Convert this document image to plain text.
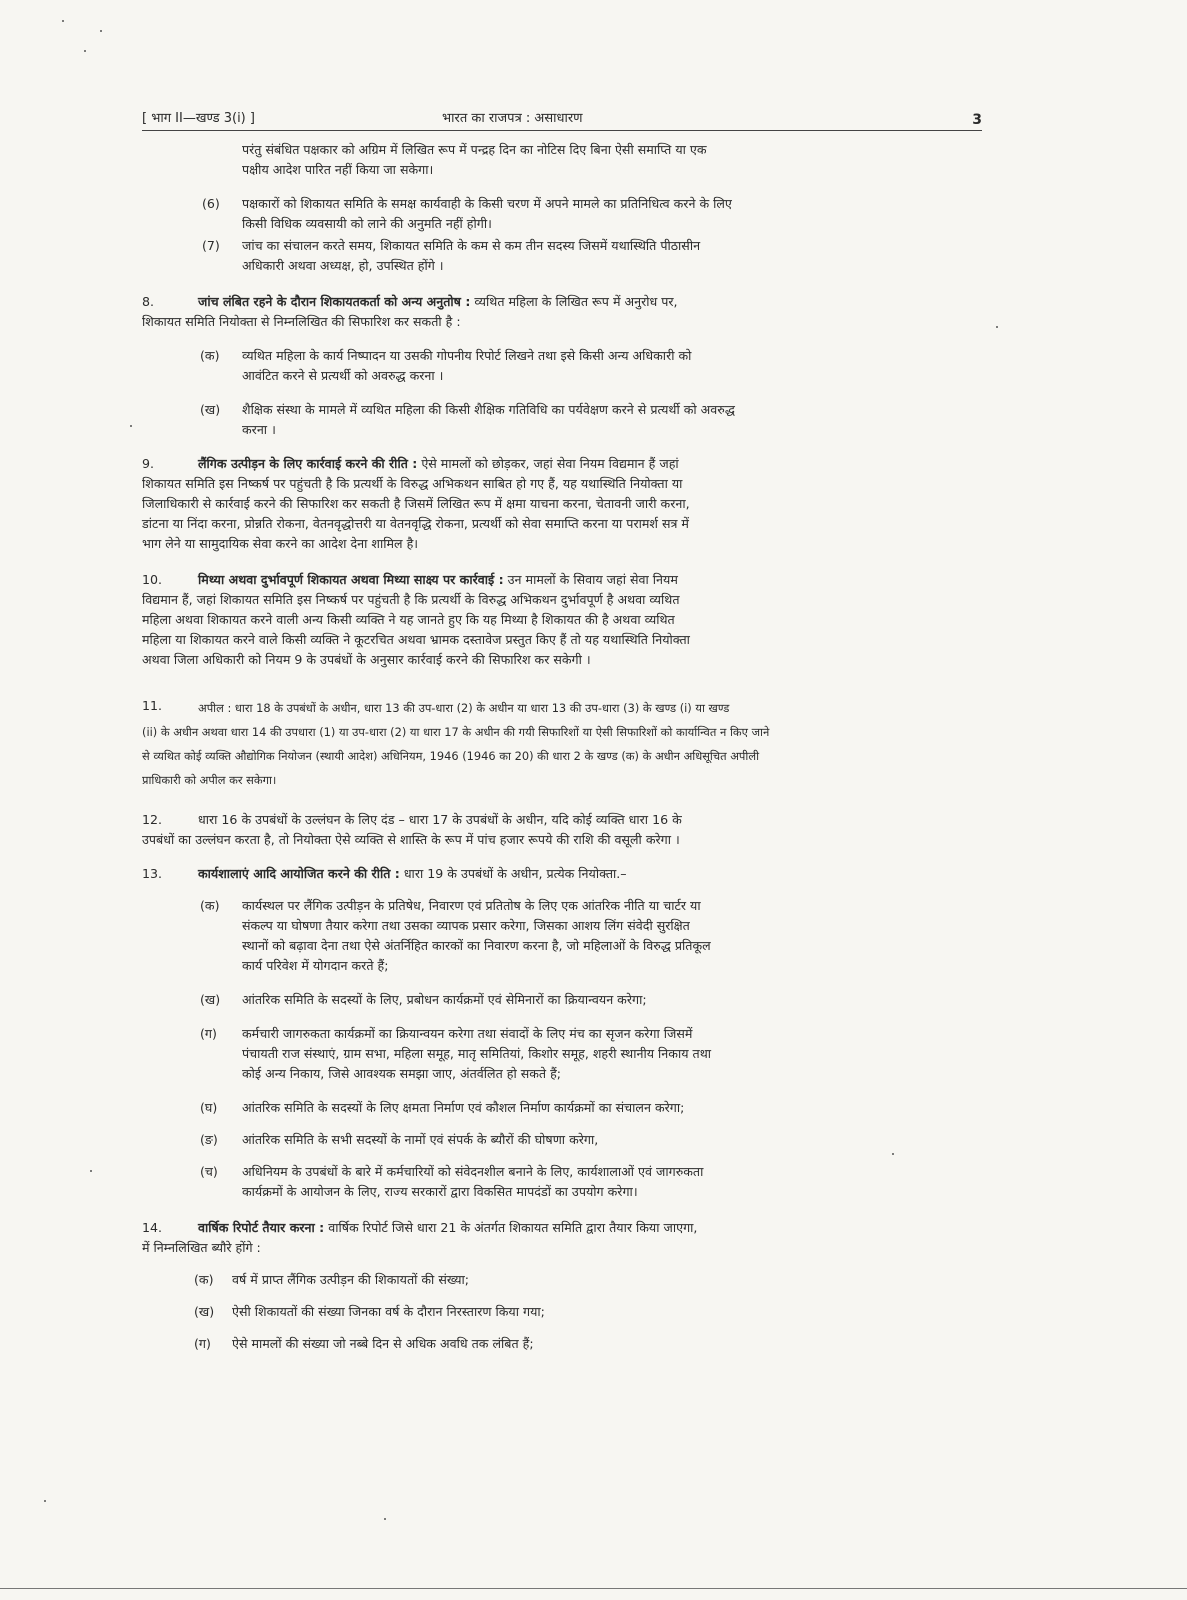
[ भाग II—खण्ड 3(i) ]	भारत का राजपत्र : असाधारण	3
परंतु संबंधित पक्षकार को अग्रिम में लिखित रूप में पन्द्रह दिन का नोटिस दिए बिना ऐसी समाप्ति या एक
पक्षीय आदेश पारित नहीं किया जा सकेगा।
(6) पक्षकारों को शिकायत समिति के समक्ष कार्यवाही के किसी चरण में अपने मामले का प्रतिनिधित्व करने के लिए
किसी विधिक व्यवसायी को लाने की अनुमति नहीं होगी।
(7) जांच का संचालन करते समय, शिकायत समिति के कम से कम तीन सदस्य जिसमें यथास्थिति पीठासीन
अधिकारी अथवा अध्यक्ष, हो, उपस्थित होंगे ।
8.	जांच लंबित रहने के दौरान शिकायतकर्ता को अन्य अनुतोष : व्यथित महिला के लिखित रूप में अनुरोध पर,
शिकायत समिति नियोक्ता से निम्नलिखित की सिफारिश कर सकती है :
(क) व्यथित महिला के कार्य निष्पादन या उसकी गोपनीय रिपोर्ट लिखने तथा इसे किसी अन्य अधिकारी को
आवंटित करने से प्रत्यर्थी को अवरुद्ध करना ।
(ख) शैक्षिक संस्था के मामले में व्यथित महिला की किसी शैक्षिक गतिविधि का पर्यवेक्षण करने से प्रत्यर्थी को अवरुद्ध
करना ।
9.	लैंगिक उत्पीड़न के लिए कार्रवाई करने की रीति : ऐसे मामलों को छोड़कर, जहां सेवा नियम विद्यमान हैं जहां
शिकायत समिति इस निष्कर्ष पर पहुंचती है कि प्रत्यर्थी के विरुद्ध अभिकथन साबित हो गए हैं, यह यथास्थिति नियोक्ता या
जिलाधिकारी से कार्रवाई करने की सिफारिश कर सकती है जिसमें लिखित रूप में क्षमा याचना करना, चेतावनी जारी करना,
डांटना या निंदा करना, प्रोन्नति रोकना, वेतनवृद्धोत्तरी या वेतनवृद्धि रोकना, प्रत्यर्थी को सेवा समाप्ति करना या परामर्श सत्र में
भाग लेने या सामुदायिक सेवा करने का आदेश देना शामिल है।
10.	मिथ्या अथवा दुर्भावपूर्ण शिकायत अथवा मिथ्या साक्ष्य पर कार्रवाई : उन मामलों के सिवाय जहां सेवा नियम
विद्यमान हैं, जहां शिकायत समिति इस निष्कर्ष पर पहुंचती है कि प्रत्यर्थी के विरुद्ध अभिकथन दुर्भावपूर्ण है अथवा व्यथित
महिला अथवा शिकायत करने वाली अन्य किसी व्यक्ति ने यह जानते हुए कि यह मिथ्या है शिकायत की है अथवा व्यथित
महिला या शिकायत करने वाले किसी व्यक्ति ने कूटरचित अथवा भ्रामक दस्तावेज प्रस्तुत किए हैं तो यह यथास्थिति नियोक्ता
अथवा जिला अधिकारी को नियम 9 के उपबंधों के अनुसार कार्रवाई करने की सिफारिश कर सकेगी ।
11.	अपील : धारा 18 के उपबंधों के अधीन, धारा 13 की उप-धारा (2) के अधीन या धारा 13 की उप-धारा (3) के खण्ड (i) या खण्ड
(ii) के अधीन अथवा धारा 14 की उपधारा (1) या उप-धारा (2) या धारा 17 के अधीन की गयी सिफारिशों या ऐसी सिफारिशों को कार्यान्वित न किए जाने
से व्यथित कोई व्यक्ति औद्योगिक नियोजन (स्थायी आदेश) अधिनियम, 1946 (1946 का 20) की धारा 2 के खण्ड (क) के अधीन अधिसूचित अपीली
प्राधिकारी को अपील कर सकेगा।
12.	धारा 16 के उपबंधों के उल्लंघन के लिए दंड – धारा 17 के उपबंधों के अधीन, यदि कोई व्यक्ति धारा 16 के
उपबंधों का उल्लंघन करता है, तो नियोक्ता ऐसे व्यक्ति से शास्ति के रूप में पांच हजार रूपये की राशि की वसूली करेगा ।
13.	कार्यशालाएं आदि आयोजित करने की रीति : धारा 19 के उपबंधों के अधीन, प्रत्येक नियोक्ता.–
(क) कार्यस्थल पर लैंगिक उत्पीड़न के प्रतिषेध, निवारण एवं प्रतितोष के लिए एक आंतरिक नीति या चार्टर या
संकल्प या घोषणा तैयार करेगा तथा उसका व्यापक प्रसार करेगा, जिसका आशय लिंग संवेदी सुरक्षित
स्थानों को बढ़ावा देना तथा ऐसे अंतर्निहित कारकों का निवारण करना है, जो महिलाओं के विरुद्ध प्रतिकूल
कार्य परिवेश में योगदान करते हैं;
(ख) आंतरिक समिति के सदस्यों के लिए, प्रबोधन कार्यक्रमों एवं सेमिनारों का क्रियान्वयन करेगा;
(ग) कर्मचारी जागरुकता कार्यक्रमों का क्रियान्वयन करेगा तथा संवादों के लिए मंच का सृजन करेगा जिसमें
पंचायती राज संस्थाएं, ग्राम सभा, महिला समूह, मातृ समितियां, किशोर समूह, शहरी स्थानीय निकाय तथा
कोई अन्य निकाय, जिसे आवश्यक समझा जाए, अंतर्वलित हो सकते हैं;
(घ) आंतरिक समिति के सदस्यों के लिए क्षमता निर्माण एवं कौशल निर्माण कार्यक्रमों का संचालन करेगा;
(ङ) आंतरिक समिति के सभी सदस्यों के नामों एवं संपर्क के ब्यौरों की घोषणा करेगा,
(च) अधिनियम के उपबंधों के बारे में कर्मचारियों को संवेदनशील बनाने के लिए, कार्यशालाओं एवं जागरुकता
कार्यक्रमों के आयोजन के लिए, राज्य सरकारों द्वारा विकसित मापदंडों का उपयोग करेगा।
14.	वार्षिक रिपोर्ट तैयार करना : वार्षिक रिपोर्ट जिसे धारा 21 के अंतर्गत शिकायत समिति द्वारा तैयार किया जाएगा,
में निम्नलिखित ब्यौरे होंगे :
(क) वर्ष में प्राप्त लैंगिक उत्पीड़न की शिकायतों की संख्या;
(ख) ऐसी शिकायतों की संख्या जिनका वर्ष के दौरान निरस्तारण किया गया;
(ग) ऐसे मामलों की संख्या जो नब्बे दिन से अधिक अवधि तक लंबित हैं;
